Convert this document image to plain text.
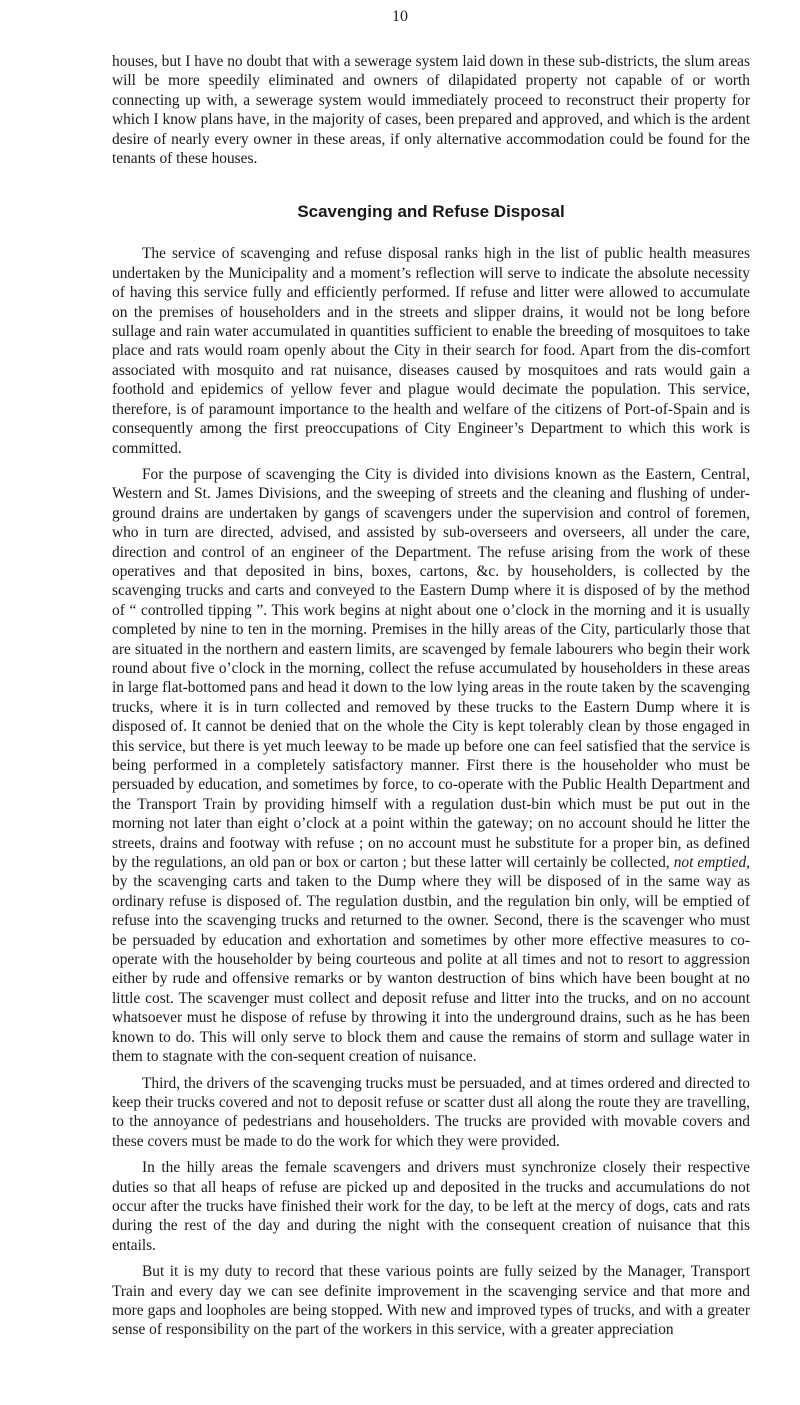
10

houses, but I have no doubt that with a sewerage system laid down in these sub-districts, the slum areas will be more speedily eliminated and owners of dilapidated property not capable of or worth connecting up with, a sewerage system would immediately proceed to reconstruct their property for which I know plans have, in the majority of cases, been prepared and approved, and which is the ardent desire of nearly every owner in these areas, if only alternative accommodation could be found for the tenants of these houses.

Scavenging and Refuse Disposal

The service of scavenging and refuse disposal ranks high in the list of public health measures undertaken by the Municipality and a moment’s reflection will serve to indicate the absolute necessity of having this service fully and efficiently performed. If refuse and litter were allowed to accumulate on the premises of householders and in the streets and slipper drains, it would not be long before sullage and rain water accumulated in quantities sufficient to enable the breeding of mosquitoes to take place and rats would roam openly about the City in their search for food. Apart from the dis-comfort associated with mosquito and rat nuisance, diseases caused by mosquitoes and rats would gain a foothold and epidemics of yellow fever and plague would decimate the population. This service, therefore, is of paramount importance to the health and welfare of the citizens of Port-of-Spain and is consequently among the first preoccupations of City Engineer’s Department to which this work is committed.

For the purpose of scavenging the City is divided into divisions known as the Eastern, Central, Western and St. James Divisions, and the sweeping of streets and the cleaning and flushing of under-ground drains are undertaken by gangs of scavengers under the supervision and control of foremen, who in turn are directed, advised, and assisted by sub-overseers and overseers, all under the care, direction and control of an engineer of the Department. The refuse arising from the work of these operatives and that deposited in bins, boxes, cartons, &c. by householders, is collected by the scavenging trucks and carts and conveyed to the Eastern Dump where it is disposed of by the method of “ controlled tipping ”. This work begins at night about one o’clock in the morning and it is usually completed by nine to ten in the morning. Premises in the hilly areas of the City, particularly those that are situated in the northern and eastern limits, are scavenged by female labourers who begin their work round about five o’clock in the morning, collect the refuse accumulated by householders in these areas in large flat-bottomed pans and head it down to the low lying areas in the route taken by the scavenging trucks, where it is in turn collected and removed by these trucks to the Eastern Dump where it is disposed of. It cannot be denied that on the whole the City is kept tolerably clean by those engaged in this service, but there is yet much leeway to be made up before one can feel satisfied that the service is being performed in a completely satisfactory manner. First there is the householder who must be persuaded by education, and sometimes by force, to co-operate with the Public Health Department and the Transport Train by providing himself with a regulation dust-bin which must be put out in the morning not later than eight o’clock at a point within the gateway; on no account should he litter the streets, drains and footway with refuse ; on no account must he substitute for a proper bin, as defined by the regulations, an old pan or box or carton ; but these latter will certainly be collected, not emptied, by the scavenging carts and taken to the Dump where they will be disposed of in the same way as ordinary refuse is disposed of. The regulation dustbin, and the regulation bin only, will be emptied of refuse into the scavenging trucks and returned to the owner. Second, there is the scavenger who must be persuaded by education and exhortation and sometimes by other more effective measures to co-operate with the householder by being courteous and polite at all times and not to resort to aggression either by rude and offensive remarks or by wanton destruction of bins which have been bought at no little cost. The scavenger must collect and deposit refuse and litter into the trucks, and on no account whatsoever must he dispose of refuse by throwing it into the underground drains, such as he has been known to do. This will only serve to block them and cause the remains of storm and sullage water in them to stagnate with the con-sequent creation of nuisance.

Third, the drivers of the scavenging trucks must be persuaded, and at times ordered and directed to keep their trucks covered and not to deposit refuse or scatter dust all along the route they are travelling, to the annoyance of pedestrians and householders. The trucks are provided with movable covers and these covers must be made to do the work for which they were provided.

In the hilly areas the female scavengers and drivers must synchronize closely their respective duties so that all heaps of refuse are picked up and deposited in the trucks and accumulations do not occur after the trucks have finished their work for the day, to be left at the mercy of dogs, cats and rats during the rest of the day and during the night with the consequent creation of nuisance that this entails.

But it is my duty to record that these various points are fully seized by the Manager, Transport Train and every day we can see definite improvement in the scavenging service and that more and more gaps and loopholes are being stopped. With new and improved types of trucks, and with a greater sense of responsibility on the part of the workers in this service, with a greater appreciation
